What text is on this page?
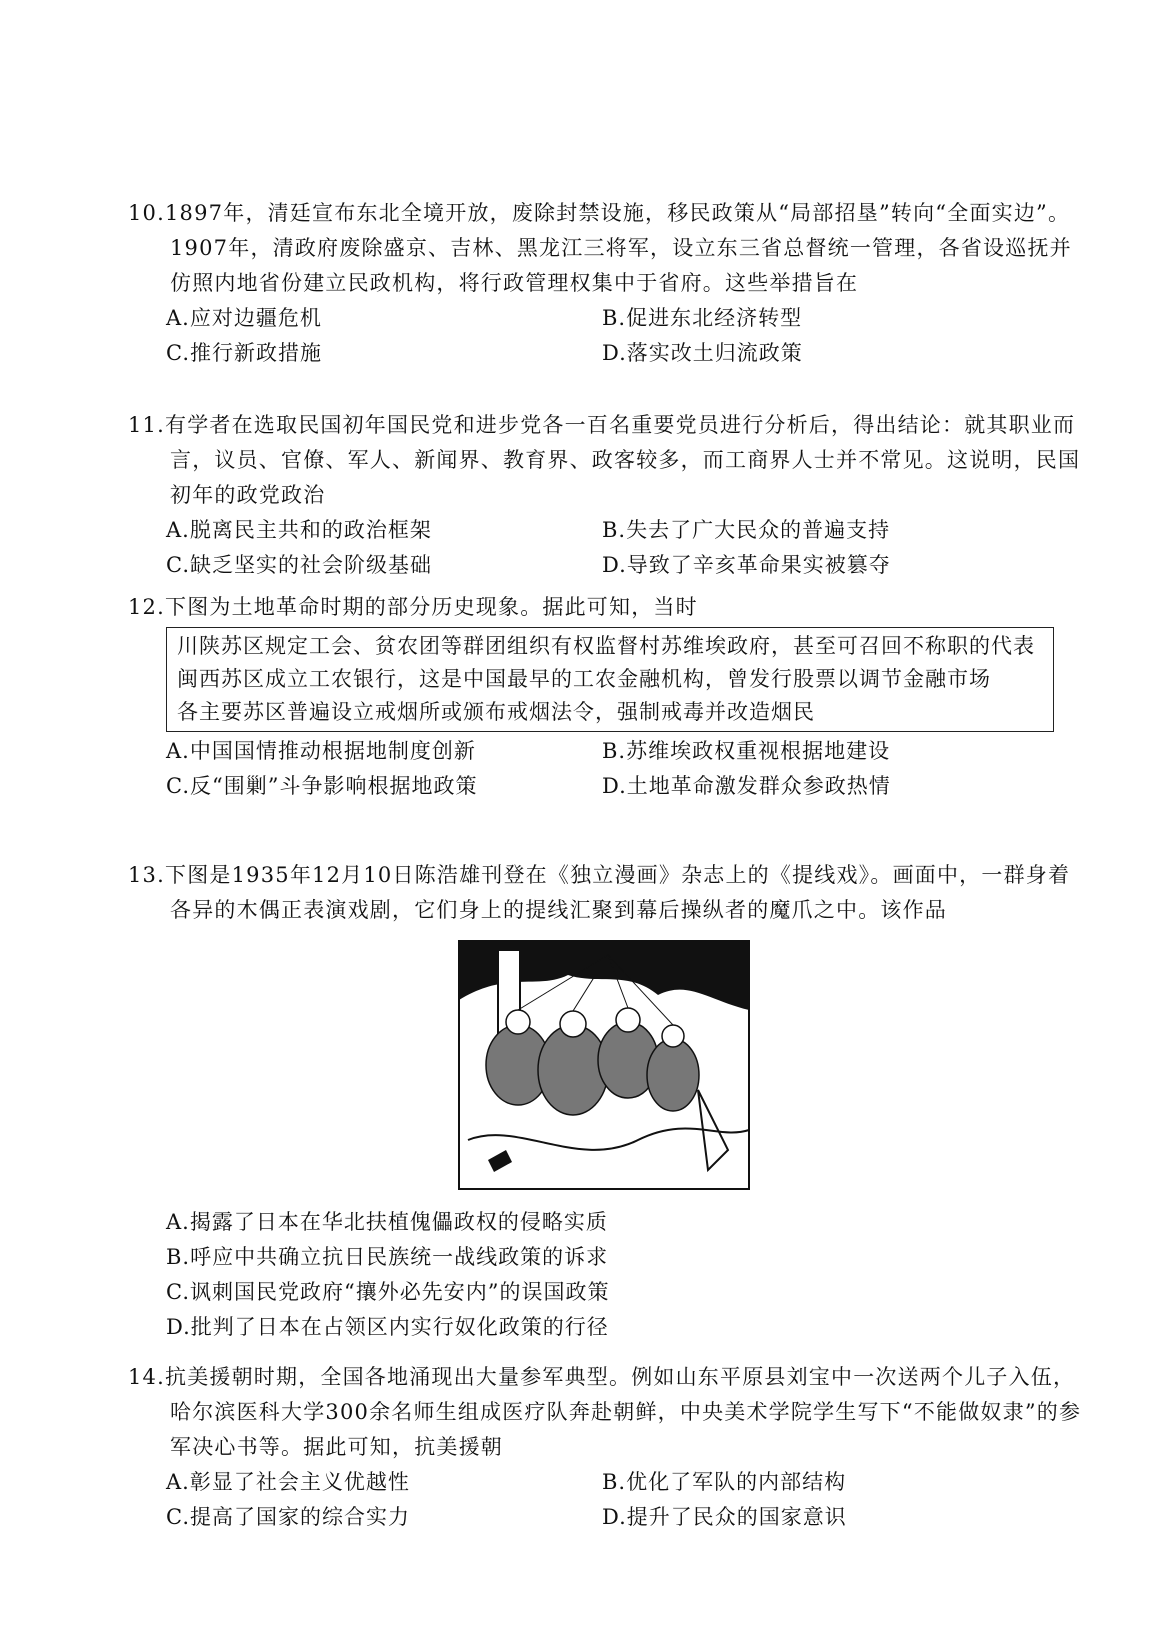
10.1897年，清廷宣布东北全境开放，废除封禁设施，移民政策从“局部招垦”转向“全面实边”。1907年，清政府废除盛京、吉林、黑龙江三将军，设立东三省总督统一管理，各省设巡抚并仿照内地省份建立民政机构，将行政管理权集中于省府。这些举措旨在
A.应对边疆危机	B.促进东北经济转型
C.推行新政措施	D.落实改土归流政策
11.有学者在选取民国初年国民党和进步党各一百名重要党员进行分析后，得出结论：就其职业而言，议员、官僚、军人、新闻界、教育界、政客较多，而工商界人士并不常见。这说明，民国初年的政党政治
A.脱离民主共和的政治框架	B.失去了广大民众的普遍支持
C.缺乏坚实的社会阶级基础	D.导致了辛亥革命果实被篡夺
12.下图为土地革命时期的部分历史现象。据此可知，当时

川陕苏区规定工会、贫农团等群团组织有权监督村苏维埃政府，甚至可召回不称职的代表

闽西苏区成立工农银行，这是中国最早的工农金融机构，曾发行股票以调节金融市场

各主要苏区普遍设立戒烟所或颁布戒烟法令，强制戒毒并改造烟民

A.中国国情推动根据地制度创新	B.苏维埃政权重视根据地建设
C.反“围剿”斗争影响根据地政策	D.土地革命激发群众参政热情
13.下图是1935年12月10日陈浩雄刊登在《独立漫画》杂志上的《提线戏》。画面中，一群身着各异的木偶正表演戏剧，它们身上的提线汇聚到幕后操纵者的魔爪之中。该作品
A.揭露了日本在华北扶植傀儡政权的侵略实质
B.呼应中共确立抗日民族统一战线政策的诉求
C.讽刺国民党政府“攘外必先安内”的误国政策
D.批判了日本在占领区内实行奴化政策的行径
14.抗美援朝时期，全国各地涌现出大量参军典型。例如山东平原县刘宝中一次送两个儿子入伍，哈尔滨医科大学300余名师生组成医疗队奔赴朝鲜，中央美术学院学生写下“不能做奴隶”的参军决心书等。据此可知，抗美援朝
A.彰显了社会主义优越性	B.优化了军队的内部结构
C.提高了国家的综合实力	D.提升了民众的国家意识
